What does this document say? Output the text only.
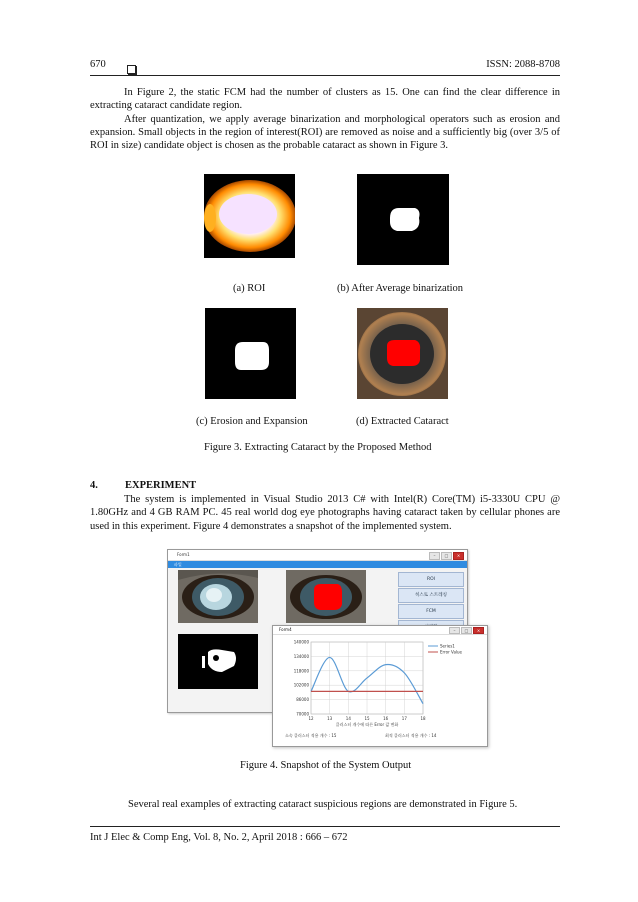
670	ISSN: 2088-8708

In Figure 2, the static FCM had the number of clusters as 15. One can find the clear difference in extracting cataract candidate region.

After quantization, we apply average binarization and morphological operators such as erosion and expansion. Small objects in the region of interest(ROI) are removed as noise and a sufficiently big (over 3/5 of ROI in size) candidate object is chosen as the probable cataract as shown in Figure 3.

(a) ROI	(b) After Average binarization
(c) Erosion and Expansion	(d) Extracted Cataract
Figure 3. Extracting Cataract by the Proposed Method
4.	EXPERIMENT

The system is implemented in Visual Studio 2013 C# with Intel(R) Core(TM) i5-3330U CPU @ 1.80GHz and 4 GB RAM PC. 45 real world dog eye photographs having cataract taken by cellular phones are used in this experiment. Figure 4 demonstrates a snapshot of the implemented system.

Form1	–	□	×
파일
ROI
히스토 스트레칭
FCM
Form4	–	□	×
140000
134000
118000
102000
86000
70000
12	13	14	15	16	17	18
Series1
Error Value
클러스터 개수에 따른 Error 값 변화
소속 클러스터 적용 개수 : 15	최적 클러스터 적용 개수 : 14
Figure 4. Snapshot of the System Output
Several real examples of extracting cataract suspicious regions are demonstrated in Figure 5.
Int J Elec & Comp Eng, Vol. 8, No. 2, April 2018 : 666 – 672
